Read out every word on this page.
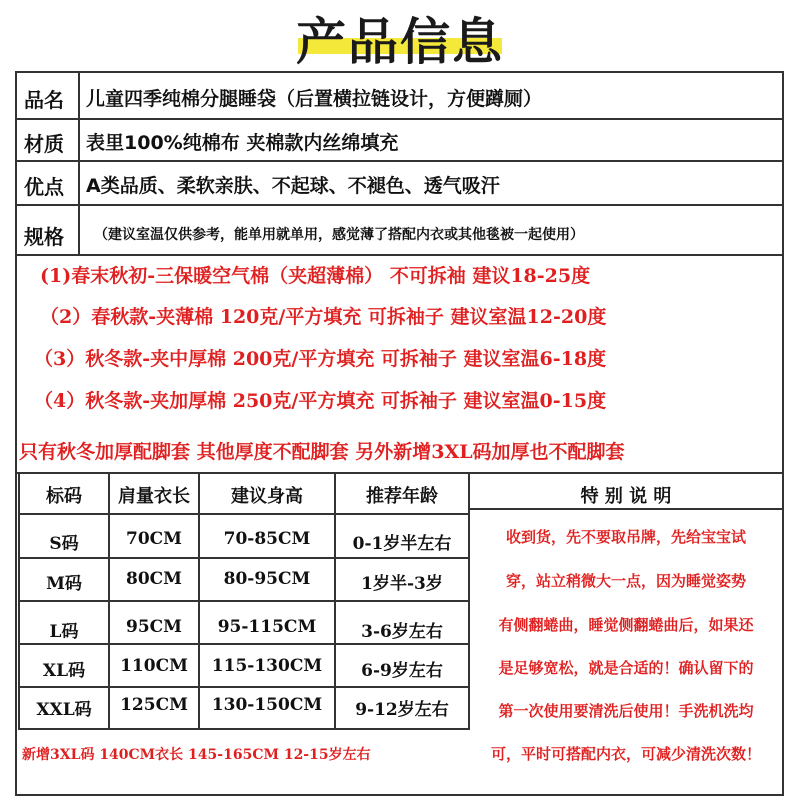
产品信息
品名 儿童四季纯棉分腿睡袋（后置横拉链设计，方便蹲厕）
材质 表里100%纯棉布 夹棉款内丝绵填充
优点 A类品质、柔软亲肤、不起球、不褪色、透气吸汗
规格 （建议室温仅供参考，能单用就单用，感觉薄了搭配内衣或其他毯被一起使用）
(1)春末秋初-三保暖空气棉（夹超薄棉） 不可拆袖 建议18-25度
（2）春秋款-夹薄棉 120克/平方填充 可拆袖子 建议室温12-20度
（3）秋冬款-夹中厚棉 200克/平方填充 可拆袖子 建议室温6-18度
（4）秋冬款-夹加厚棉 250克/平方填充 可拆袖子 建议室温0-15度
只有秋冬加厚配脚套 其他厚度不配脚套 另外新增3XL码加厚也不配脚套
标码	肩量衣长	建议身高	推荐年龄	特 别 说 明
S码	70CM	70-85CM	0-1岁半左右
M码	80CM	80-95CM	1岁半-3岁
L码	95CM	95-115CM	3-6岁左右
XL码	110CM	115-130CM	6-9岁左右
XXL码	125CM	130-150CM	9-12岁左右
新增3XL码 140CM衣长 145-165CM 12-15岁左右
收到货，先不要取吊牌，先给宝宝试
穿，站立稍微大一点，因为睡觉姿势
有侧翻蜷曲，睡觉侧翻蜷曲后，如果还
是足够宽松，就是合适的！确认留下的
第一次使用要清洗后使用！手洗机洗均
可，平时可搭配内衣，可减少清洗次数！
